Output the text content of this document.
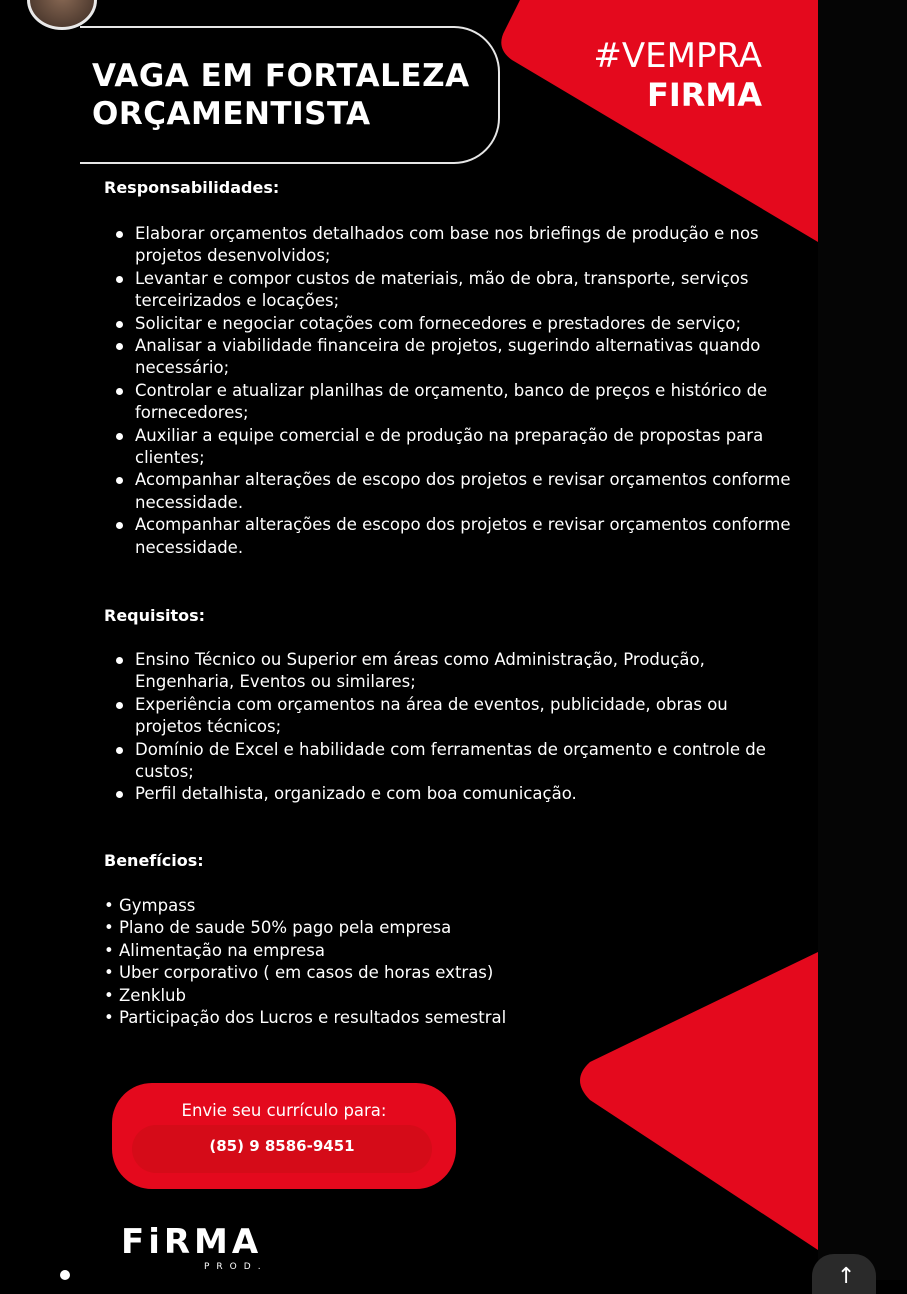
VAGA EM FORTALEZA
ORÇAMENTISTA
#VEMPRA
FIRMA
Responsabilidades:
Elaborar orçamentos detalhados com base nos briefings de produção e nos projetos desenvolvidos;
Levantar e compor custos de materiais, mão de obra, transporte, serviços terceirizados e locações;
Solicitar e negociar cotações com fornecedores e prestadores de serviço;
Analisar a viabilidade financeira de projetos, sugerindo alternativas quando necessário;
Controlar e atualizar planilhas de orçamento, banco de preços e histórico de fornecedores;
Auxiliar a equipe comercial e de produção na preparação de propostas para clientes;
Acompanhar alterações de escopo dos projetos e revisar orçamentos conforme necessidade.
Acompanhar alterações de escopo dos projetos e revisar orçamentos conforme necessidade.
Requisitos:
Ensino Técnico ou Superior em áreas como Administração, Produção, Engenharia, Eventos ou similares;
Experiência com orçamentos na área de eventos, publicidade, obras ou projetos técnicos;
Domínio de Excel e habilidade com ferramentas de orçamento e controle de custos;
Perfil detalhista, organizado e com boa comunicação.
Benefícios:
• Gympass
• Plano de saude 50% pago pela empresa
• Alimentação na empresa
• Uber corporativo ( em casos de horas extras)
• Zenklub
• Participação dos Lucros e resultados semestral
Envie seu currículo para:
(85) 9 8586-9451
FiRMA
PROD.	↑
